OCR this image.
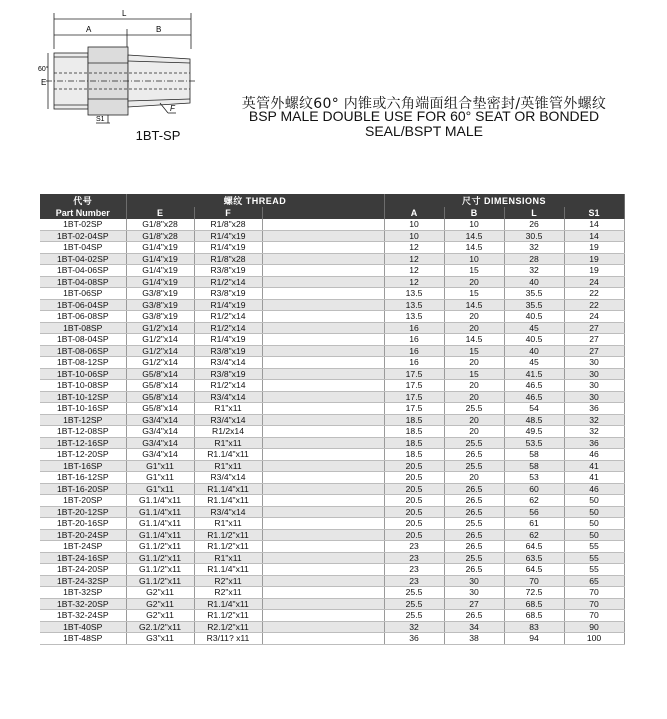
L
A	B
E
60°
F
S1
1BT-SP
英管外螺纹60° 内锥或六角端面组合垫密封/英锥管外螺纹
BSP MALE DOUBLE USE FOR 60° SEAT OR BONDED
SEAL/BSPT MALE
代号	螺纹 THREAD			尺寸 DIMENSIONS			
Part Number	E	F		A	B	L	S1
1BT-02SP	G1/8"x28	R1/8"x28		10	10	26	14
1BT-02-04SP	G1/8"x28	R1/4"x19		10	14.5	30.5	14
1BT-04SP	G1/4"x19	R1/4"x19		12	14.5	32	19
1BT-04-02SP	G1/4"x19	R1/8"x28		12	10	28	19
1BT-04-06SP	G1/4"x19	R3/8"x19		12	15	32	19
1BT-04-08SP	G1/4"x19	R1/2"x14		12	20	40	24
1BT-06SP	G3/8"x19	R3/8"x19		13.5	15	35.5	22
1BT-06-04SP	G3/8"x19	R1/4"x19		13.5	14.5	35.5	22
1BT-06-08SP	G3/8"x19	R1/2"x14		13.5	20	40.5	24
1BT-08SP	G1/2"x14	R1/2"x14		16	20	45	27
1BT-08-04SP	G1/2"x14	R1/4"x19		16	14.5	40.5	27
1BT-08-06SP	G1/2"x14	R3/8"x19		16	15	40	27
1BT-08-12SP	G1/2"x14	R3/4"x14		16	20	45	30
1BT-10-06SP	G5/8"x14	R3/8"x19		17.5	15	41.5	30
1BT-10-08SP	G5/8"x14	R1/2"x14		17.5	20	46.5	30
1BT-10-12SP	G5/8"x14	R3/4"x14		17.5	20	46.5	30
1BT-10-16SP	G5/8"x14	R1"x11		17.5	25.5	54	36
1BT-12SP	G3/4"x14	R3/4"x14		18.5	20	48.5	32
1BT-12-08SP	G3/4"x14	R1/2x14		18.5	20	49.5	32
1BT-12-16SP	G3/4"x14	R1"x11		18.5	25.5	53.5	36
1BT-12-20SP	G3/4"x14	R1.1/4"x11		18.5	26.5	58	46
1BT-16SP	G1"x11	R1"x11		20.5	25.5	58	41
1BT-16-12SP	G1"x11	R3/4"x14		20.5	20	53	41
1BT-16-20SP	G1"x11	R1.1/4"x11		20.5	26.5	60	46
1BT-20SP	G1.1/4"x11	R1.1/4"x11		20.5	26.5	62	50
1BT-20-12SP	G1.1/4"x11	R3/4"x14		20.5	26.5	56	50
1BT-20-16SP	G1.1/4"x11	R1"x11		20.5	25.5	61	50
1BT-20-24SP	G1.1/4"x11	R1.1/2"x11		20.5	26.5	62	50
1BT-24SP	G1.1/2"x11	R1.1/2"x11		23	26.5	64.5	55
1BT-24-16SP	G1.1/2"x11	R1"x11		23	25.5	63.5	55
1BT-24-20SP	G1.1/2"x11	R1.1/4"x11		23	26.5	64.5	55
1BT-24-32SP	G1.1/2"x11	R2"x11		23	30	70	65
1BT-32SP	G2"x11	R2"x11		25.5	30	72.5	70
1BT-32-20SP	G2"x11	R1.1/4"x11		25.5	27	68.5	70
1BT-32-24SP	G2"x11	R1.1/2"x11		25.5	26.5	68.5	70
1BT-40SP	G2.1/2"x11	R2.1/2"x11		32	34	83	90
1BT-48SP	G3"x11	R3/11? x11		36	38	94	100
